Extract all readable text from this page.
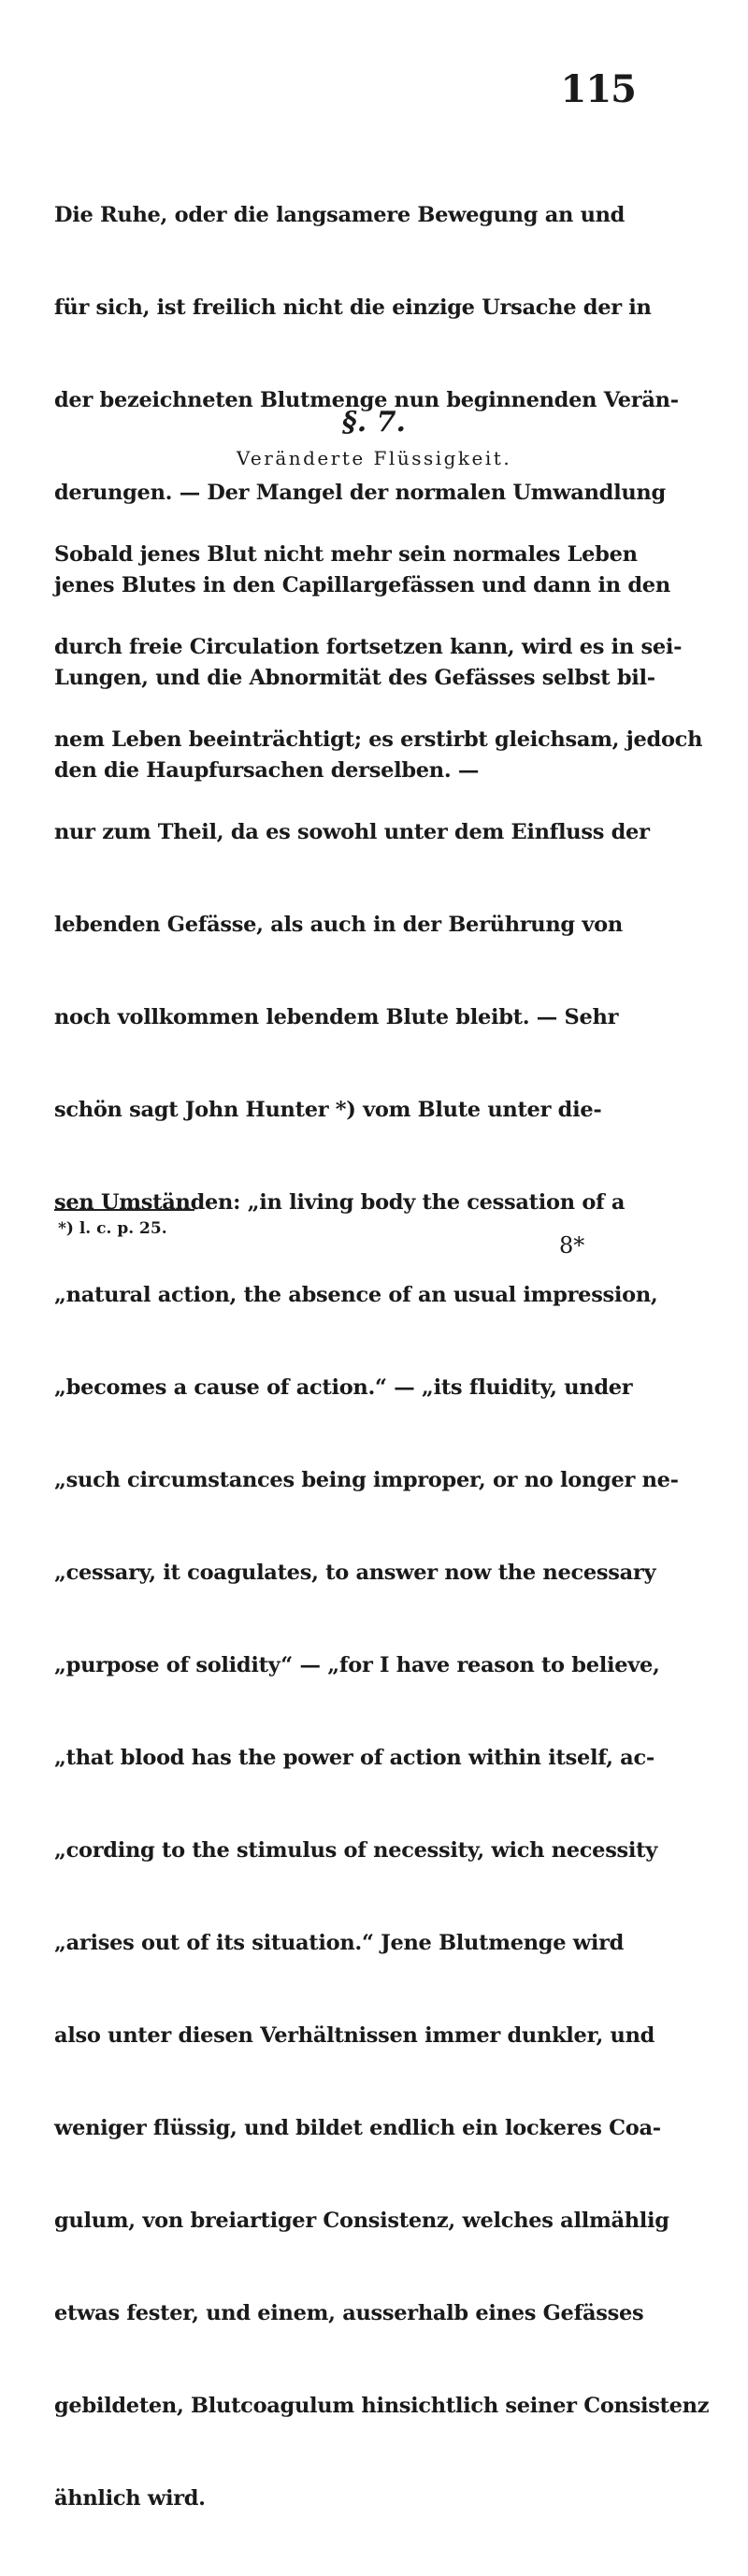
115

Die Ruhe, oder die langsamere Bewegung an und

für sich, ist freilich nicht die einzige Ursache der in

der bezeichneten Blutmenge nun beginnenden Verän-

derungen. — Der Mangel der normalen Umwandlung

jenes Blutes in den Capillargefässen und dann in den

Lungen, und die Abnormität des Gefässes selbst bil-

den die Haupfursachen derselben. —

§. 7.
Veränderte Flüssigkeit.

Sobald jenes Blut nicht mehr sein normales Leben

durch freie Circulation fortsetzen kann, wird es in sei-

nem Leben beeinträchtigt; es erstirbt gleichsam, jedoch

nur zum Theil, da es sowohl unter dem Einfluss der

lebenden Gefässe, als auch in der Berührung von

noch vollkommen lebendem Blute bleibt. — Sehr

schön sagt John Hunter *) vom Blute unter die-

sen Umständen: „in living body the cessation of a

„natural action, the absence of an usual impression,

„becomes a cause of action.“ — „its fluidity, under

„such circumstances being improper, or no longer ne-

„cessary, it coagulates, to answer now the necessary

„purpose of solidity“ — „for I have reason to believe,

„that blood has the power of action within itself, ac-

„cording to the stimulus of necessity, wich necessity

„arises out of its situation.“ Jene Blutmenge wird

also unter diesen Verhältnissen immer dunkler, und

weniger flüssig, und bildet endlich ein lockeres Coa-

gulum, von breiartiger Consistenz, welches allmählig

etwas fester, und einem, ausserhalb eines Gefässes

gebildeten, Blutcoagulum hinsichtlich seiner Consistenz

ähnlich wird.

*) l. c. p. 25.
8*
